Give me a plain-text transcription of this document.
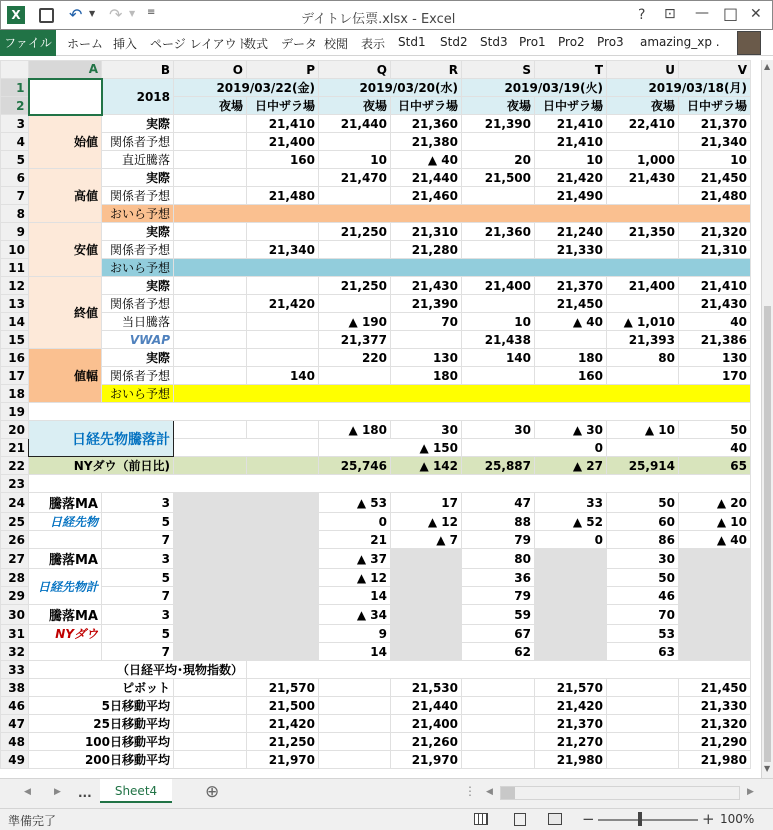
X	↶ ▼ ↷ ▼ ≡	デイトレ伝票.xlsx - Excel	? ⊡ — □ ✕
ファイル	ホーム 挿入 ページ レイアウト
数式 データ 校閲 表示 Std1 Std2 Std3 Pro1 Pro2 Pro3 amazing_xp .
	A	B	O	P	Q	R	S	T	U	V
1		2018	2019/03/22(金)		2019/03/20(水)		2019/03/19(火)		2019/03/18(月)	
2			夜場	日中ザラ場	夜場	日中ザラ場	夜場	日中ザラ場	夜場	日中ザラ場
3	始値	実際		21,410	21,440	21,360	21,390	21,410	22,410	21,370
4		関係者予想		21,400		21,380		21,410		21,340
5		直近騰落		160	10	▲ 40	20	10	1,000	10
6	高値	実際			21,470	21,440	21,500	21,420	21,430	21,450
7		関係者予想		21,480		21,460		21,490		21,480
8		おいら予想								
9	安値	実際			21,250	21,310	21,360	21,240	21,350	21,320
10		関係者予想		21,340		21,280		21,330		21,310
11		おいら予想								
12	終値	実際			21,250	21,430	21,400	21,370	21,400	21,410
13		関係者予想		21,420		21,390		21,450		21,430
14		当日騰落			▲ 190	70	10	▲ 40	▲ 1,010	40
15		VWAP			21,377		21,438		21,393	21,386
16	値幅	実際			220	130	140	180	80	130
17		関係者予想		140		180		160		170
18		おいら予想								
19										
20	日経先物騰落計				▲ 180	30	30	▲ 30	▲ 10	50
21					▲ 150		0		40	
22	NYダウ（前日比)				25,746	▲ 142	25,887	▲ 27	25,914	65
23										
24	騰落MA	3			▲ 53	17	47	33	50	▲ 20
25	日経先物	5			0	▲ 12	88	▲ 52	60	▲ 10
26		7			21	▲ 7	79	0	86	▲ 40
27	騰落MA	3			▲ 37		80		30	
28	日経先物計	5			▲ 12		36		50	
29		7			14		79		46	
30	騰落MA	3			▲ 34		59		70	
31	NYダウ	5			9		67		53	
32		7			14		62		63	
33	（日経平均･現物指数）									
38	ピボット			21,570		21,530		21,570		21,450
46	5日移動平均			21,500		21,440		21,420		21,330
47	25日移動平均			21,420		21,400		21,370		21,320
48	100日移動平均			21,250		21,260		21,270		21,290
49	200日移動平均			21,970		21,970		21,980		21,980
▲
▼
◀	▶ ...	Sheet4	⊕	⋮ ◀	▶
準備完了	−	+ 100%
